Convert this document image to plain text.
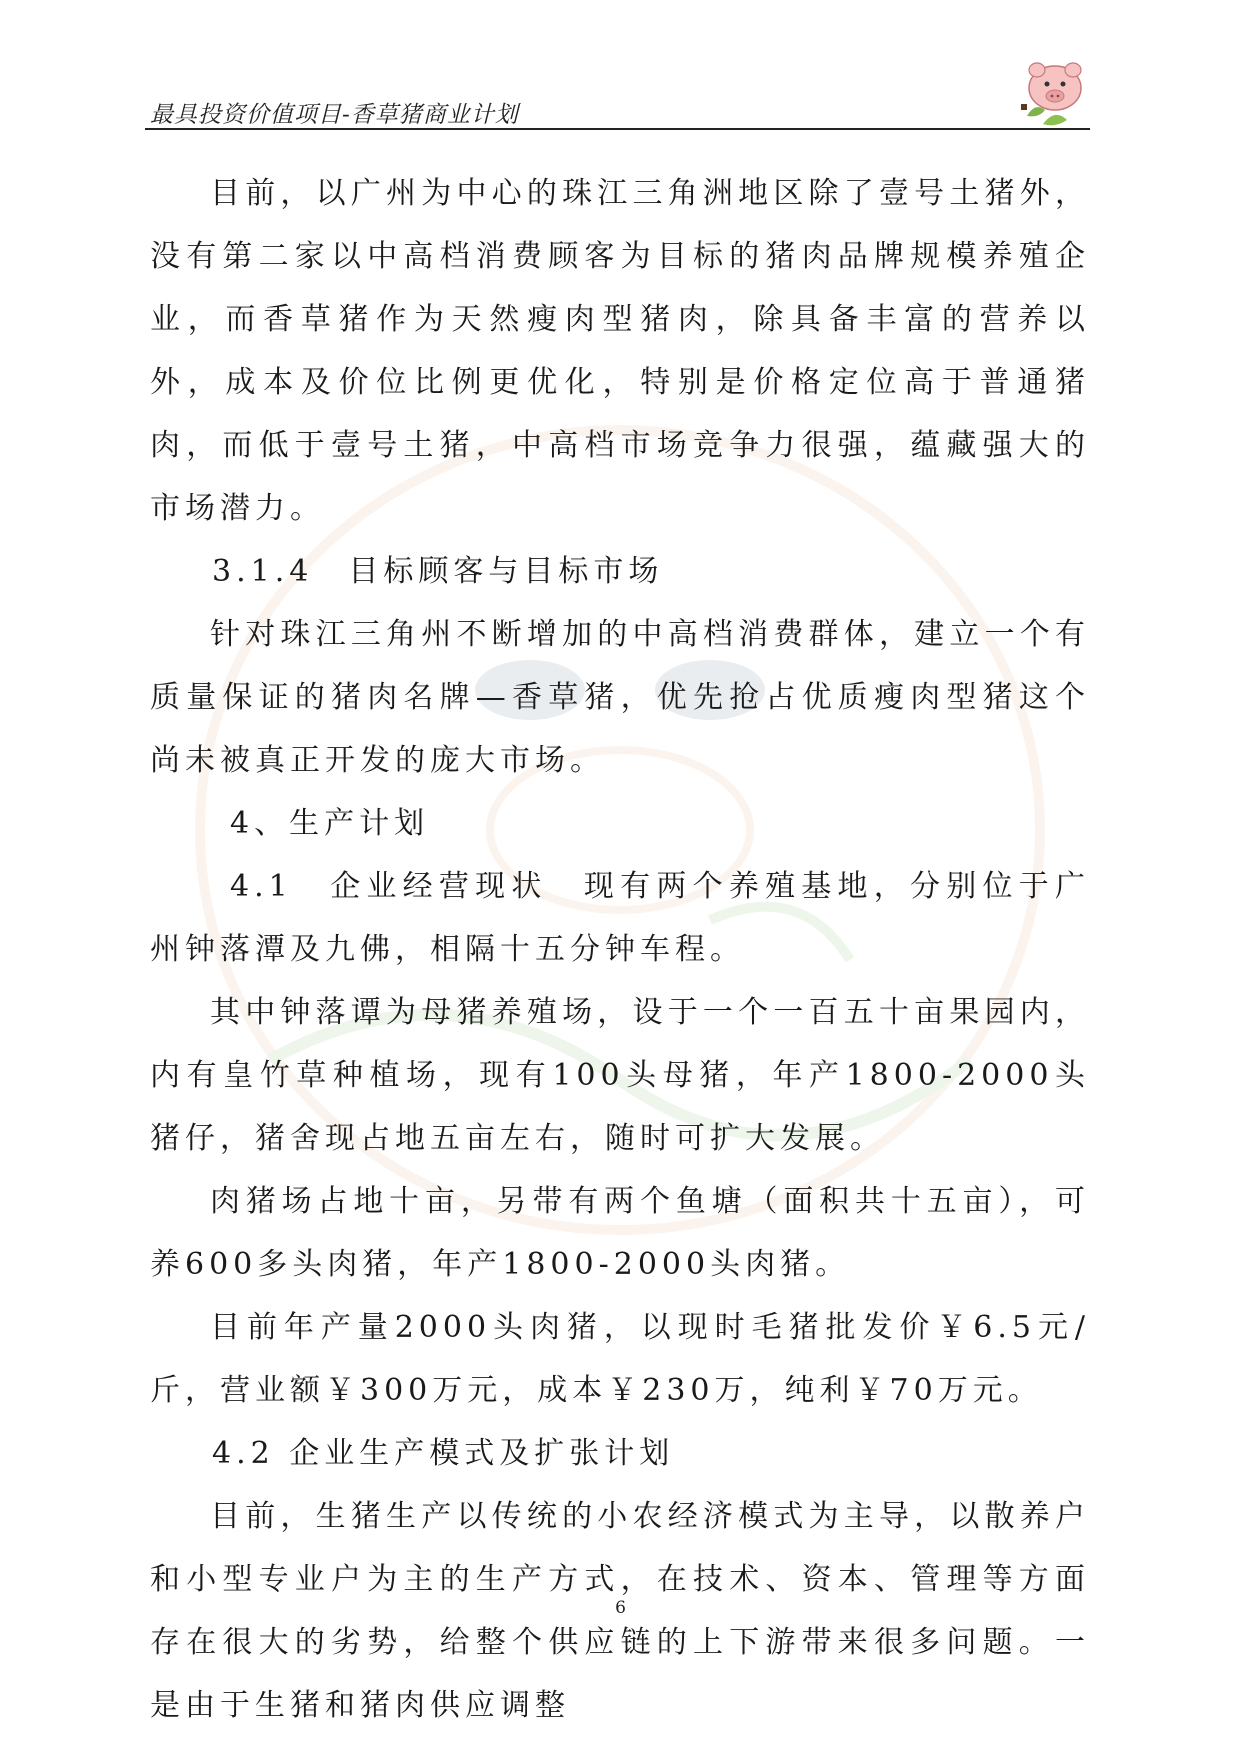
最具投资价值项目-香草猪商业计划

目前，以广州为中心的珠江三角洲地区除了壹号土猪外，没有第二家以中高档消费顾客为目标的猪肉品牌规模养殖企业，而香草猪作为天然瘦肉型猪肉，除具备丰富的营养以外，成本及价位比例更优化，特别是价格定位高于普通猪肉，而低于壹号土猪，中高档市场竞争力很强，蕴藏强大的市场潜力。

3.1.4　目标顾客与目标市场

针对珠江三角州不断增加的中高档消费群体，建立一个有质量保证的猪肉名牌—香草猪，优先抢占优质瘦肉型猪这个尚未被真正开发的庞大市场。

4、生产计划

4.1　企业经营现状　现有两个养殖基地，分别位于广州钟落潭及九佛，相隔十五分钟车程。

其中钟落谭为母猪养殖场，设于一个一百五十亩果园内，内有皇竹草种植场，现有100头母猪，年产1800-2000头猪仔，猪舍现占地五亩左右，随时可扩大发展。

肉猪场占地十亩，另带有两个鱼塘（面积共十五亩），可养600多头肉猪，年产1800-2000头肉猪。

目前年产量2000头肉猪，以现时毛猪批发价￥6.5元/斤，营业额￥300万元，成本￥230万，纯利￥70万元。

4.2 企业生产模式及扩张计划

目前，生猪生产以传统的小农经济模式为主导，以散养户和小型专业户为主的生产方式，在技术、资本、管理等方面存在很大的劣势，给整个供应链的上下游带来很多问题。一是由于生猪和猪肉供应调整

6
